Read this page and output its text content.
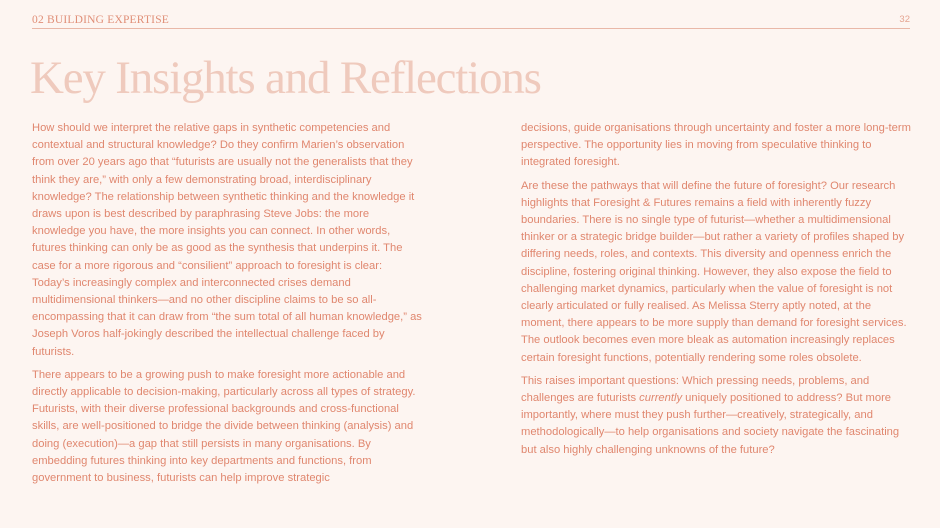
02 BUILDING EXPERTISE	32
Key Insights and Reflections

How should we interpret the relative gaps in synthetic competencies and contextual and structural knowledge? Do they confirm Marien’s observation from over 20 years ago that “futurists are usually not the generalists that they think they are,” with only a few demonstrating broad, interdisciplinary knowledge? The relationship between synthetic thinking and the knowledge it draws upon is best described by paraphrasing Steve Jobs: the more knowledge you have, the more insights you can connect. In other words, futures thinking can only be as good as the synthesis that underpins it. The case for a more rigorous and “consilient” approach to foresight is clear: Today’s increasingly complex and interconnected crises demand multidimensional thinkers—and no other discipline claims to be so all-encompassing that it can draw from “the sum total of all human knowledge,” as Joseph Voros half-jokingly described the intellectual challenge faced by futurists.

There appears to be a growing push to make foresight more actionable and directly applicable to decision-making, particularly across all types of strategy. Futurists, with their diverse professional backgrounds and cross-functional skills, are well-positioned to bridge the divide between thinking (analysis) and doing (execution)—a gap that still persists in many organisations. By embedding futures thinking into key departments and functions, from government to business, futurists can help improve strategic

decisions, guide organisations through uncertainty and foster a more long-term perspective. The opportunity lies in moving from speculative thinking to integrated foresight.

Are these the pathways that will define the future of foresight? Our research highlights that Foresight & Futures remains a field with inherently fuzzy boundaries. There is no single type of futurist—whether a multidimensional thinker or a strategic bridge builder—but rather a variety of profiles shaped by differing needs, roles, and contexts. This diversity and openness enrich the discipline, fostering original thinking. However, they also expose the field to challenging market dynamics, particularly when the value of foresight is not clearly articulated or fully realised. As Melissa Sterry aptly noted, at the moment, there appears to be more supply than demand for foresight services. The outlook becomes even more bleak as automation increasingly replaces certain foresight functions, potentially rendering some roles obsolete.

This raises important questions: Which pressing needs, problems, and challenges are futurists currently uniquely positioned to address? But more importantly, where must they push further—creatively, strategically, and methodologically—to help organisations and society navigate the fascinating but also highly challenging unknowns of the future?
